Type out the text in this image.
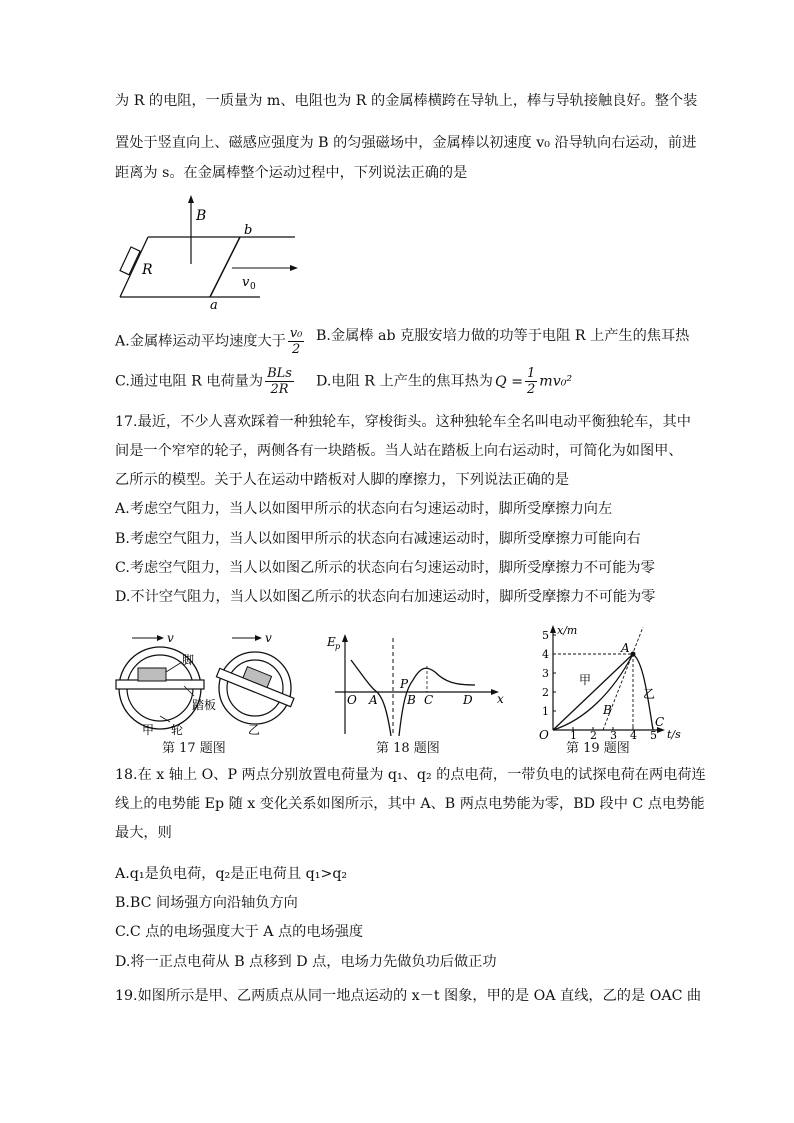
为 R 的电阻，一质量为 m、电阻也为 R 的金属棒横跨在导轨上，棒与导轨接触良好。整个装
置处于竖直向上、磁感应强度为 B 的匀强磁场中，金属棒以初速度 v₀ 沿导轨向右运动，前进
距离为 s。在金属棒整个运动过程中，下列说法正确的是
B
b
R
v 0
a
A.金属棒运动平均速度大于 $\frac{\text{v₀}}{2} B$.金属棒 ab 克服安培力做的功等于电阻 R 上产生的焦耳热
C.通过电阻 R 电荷量为 $\frac{\text{BLs}}{2R} D$.电阻 R 上产生的焦耳热为 $Q = \frac{1}{2} mv_0^2$
17.最近，不少人喜欢踩着一种独轮车，穿梭街头。这种独轮车全名叫电动平衡独轮车，其中
间是一个窄窄的轮子，两侧各有一块踏板。当人站在踏板上向右运动时，可简化为如图甲、
乙所示的模型。关于人在运动中踏板对人脚的摩擦力，下列说法正确的是
A.考虑空气阻力，当人以如图甲所示的状态向右匀速运动时，脚所受摩擦力向左
B.考虑空气阻力，当人以如图甲所示的状态向右减速运动时，脚所受摩擦力可能向右
C.考虑空气阻力，当人以如图乙所示的状态向右匀速运动时，脚所受摩擦力不可能为零
D.不计空气阻力，当人以如图乙所示的状态向右加速运动时，脚所受摩擦力不可能为零
v
脚
踏板
甲 轮
v
乙
第 17 题图
E p
x
O A
P
B C D
第 18 题图
x/m
t/s
O
1
2
3
4
5
1 2 3 4 5
A
B
C
甲
乙
第 19 题图
18.在 x 轴上 O、P 两点分别放置电荷量为 q₁、q₂ 的点电荷，一带负电的试探电荷在两电荷连
线上的电势能 Ep 随 x 变化关系如图所示，其中 A、B 两点电势能为零，BD 段中 C 点电势能
最大，则
A.q₁是负电荷，q₂是正电荷且 q₁>q₂
B.BC 间场强方向沿轴负方向
C.C 点的电场强度大于 A 点的电场强度
D.将一正点电荷从 B 点移到 D 点，电场力先做负功后做正功
19.如图所示是甲、乙两质点从同一地点运动的 x－t 图象，甲的是 OA 直线，乙的是 OAC 曲
